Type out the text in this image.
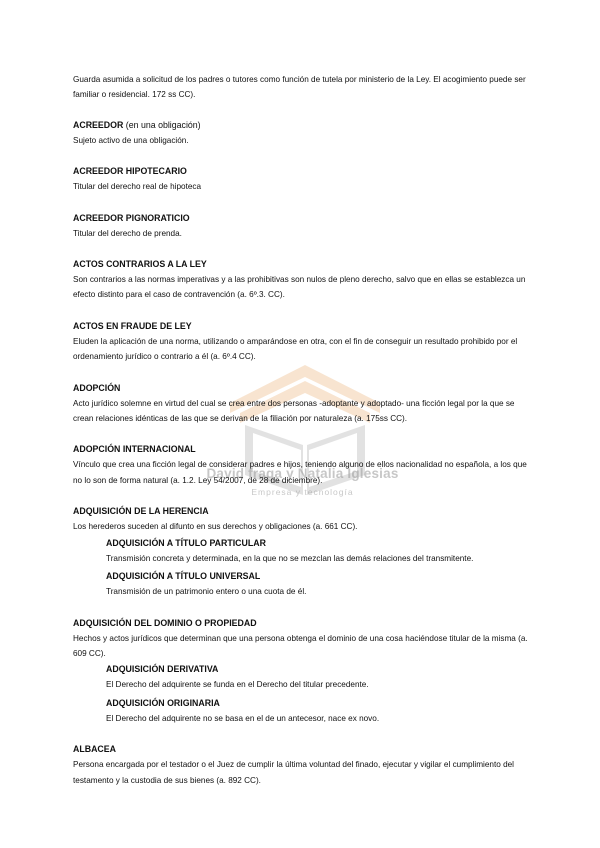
David fraga y Natalia Iglesias
Empresa y tecnología

Guarda asumida a solicitud de los padres o tutores como función de tutela por ministerio de la Ley. El acogimiento puede ser familiar o residencial. 172 ss CC).

ACREEDOR (en una obligación)

Sujeto activo de una obligación.

ACREEDOR HIPOTECARIO

Titular del derecho real de hipoteca

ACREEDOR PIGNORATICIO

Titular del derecho de prenda.

ACTOS CONTRARIOS A LA LEY

Son contrarios a las normas imperativas y a las prohibitivas son nulos de pleno derecho, salvo que en ellas se establezca un efecto distinto para el caso de contravención (a. 6º.3. CC).

ACTOS EN FRAUDE DE LEY

Eluden la aplicación de una norma, utilizando o amparándose en otra, con el fin de conseguir un resultado prohibido por el ordenamiento jurídico o contrario a él (a. 6º.4 CC).

ADOPCIÓN

Acto jurídico solemne en virtud del cual se crea entre dos personas -adoptante y adoptado- una ficción legal por la que se crean relaciones idénticas de las que se derivan de la filiación por naturaleza (a. 175ss CC).

ADOPCIÓN INTERNACIONAL

Vínculo que crea una ficción legal de considerar padres e hijos, teniendo alguno de ellos nacionalidad no española, a los que no lo son de forma natural (a. 1.2. Ley 54/2007, de 28 de diciembre).

ADQUISICIÓN DE LA HERENCIA

Los herederos suceden al difunto en sus derechos y obligaciones (a. 661 CC).

ADQUISICIÓN A TÍTULO PARTICULAR

Transmisión concreta y determinada, en la que no se mezclan las demás relaciones del transmitente.

ADQUISICIÓN A TÍTULO UNIVERSAL

Transmisión de un patrimonio entero o una cuota de él.

ADQUISICIÓN DEL DOMINIO O PROPIEDAD

Hechos y actos jurídicos que determinan que una persona obtenga el dominio de una cosa haciéndose titular de la misma (a. 609 CC).

ADQUISICIÓN DERIVATIVA

El Derecho del adquirente se funda en el Derecho del titular precedente.

ADQUISICIÓN ORIGINARIA

El Derecho del adquirente no se basa en el de un antecesor, nace ex novo.

ALBACEA

Persona encargada por el testador o el Juez de cumplir la última voluntad del finado, ejecutar y vigilar el cumplimiento del testamento y la custodia de sus bienes (a. 892 CC).
